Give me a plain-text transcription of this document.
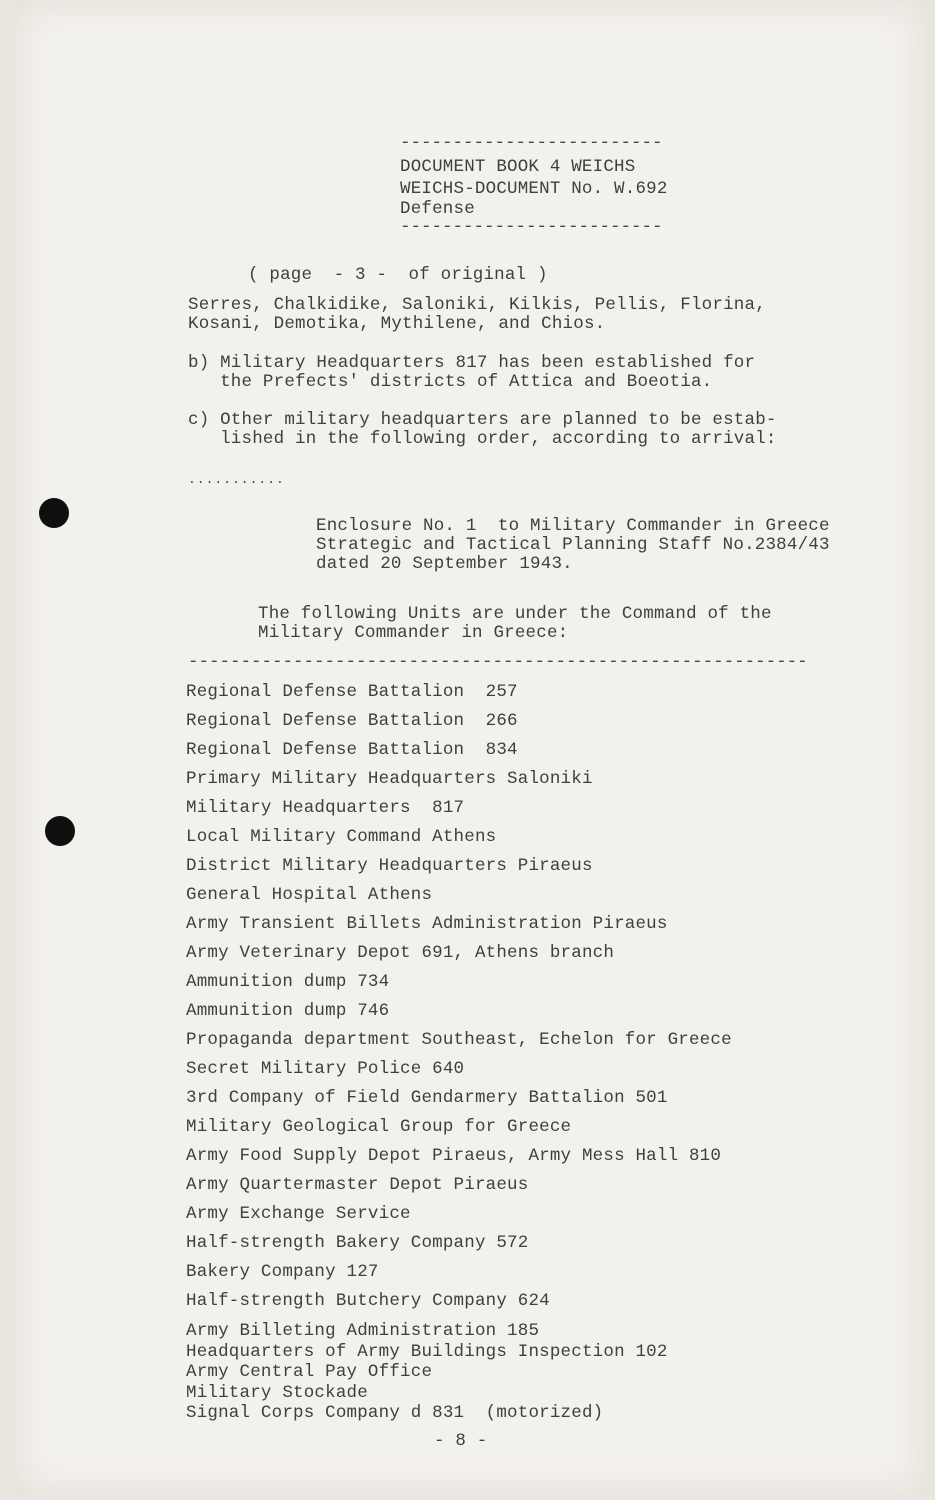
-------------------------
DOCUMENT BOOK 4 WEICHS
WEICHS-DOCUMENT No. W.692
Defense
-------------------------
( page  - 3 -  of original )
Serres, Chalkidike, Saloniki, Kilkis, Pellis, Florina,
Kosani, Demotika, Mythilene, and Chios.
b) Military Headquarters 817 has been established for
the Prefects' districts of Attica and Boeotia.
c) Other military headquarters are planned to be estab-
lished in the following order, according to arrival:
...........
Enclosure No. 1  to Military Commander in Greece
Strategic and Tactical Planning Staff No.2384/43
dated 20 September 1943.
The following Units are under the Command of the
Military Commander in Greece:
-----------------------------------------------------------
Regional Defense Battalion  257
Regional Defense Battalion  266
Regional Defense Battalion  834
Primary Military Headquarters Saloniki
Military Headquarters  817
Local Military Command Athens
District Military Headquarters Piraeus
General Hospital Athens
Army Transient Billets Administration Piraeus
Army Veterinary Depot 691, Athens branch
Ammunition dump 734
Ammunition dump 746
Propaganda department Southeast, Echelon for Greece
Secret Military Police 640
3rd Company of Field Gendarmery Battalion 501
Military Geological Group for Greece
Army Food Supply Depot Piraeus, Army Mess Hall 810
Army Quartermaster Depot Piraeus
Army Exchange Service
Half-strength Bakery Company 572
Bakery Company 127
Half-strength Butchery Company 624
Army Billeting Administration 185
Headquarters of Army Buildings Inspection 102
Army Central Pay Office
Military Stockade
Signal Corps Company d 831  (motorized)
- 8 -
